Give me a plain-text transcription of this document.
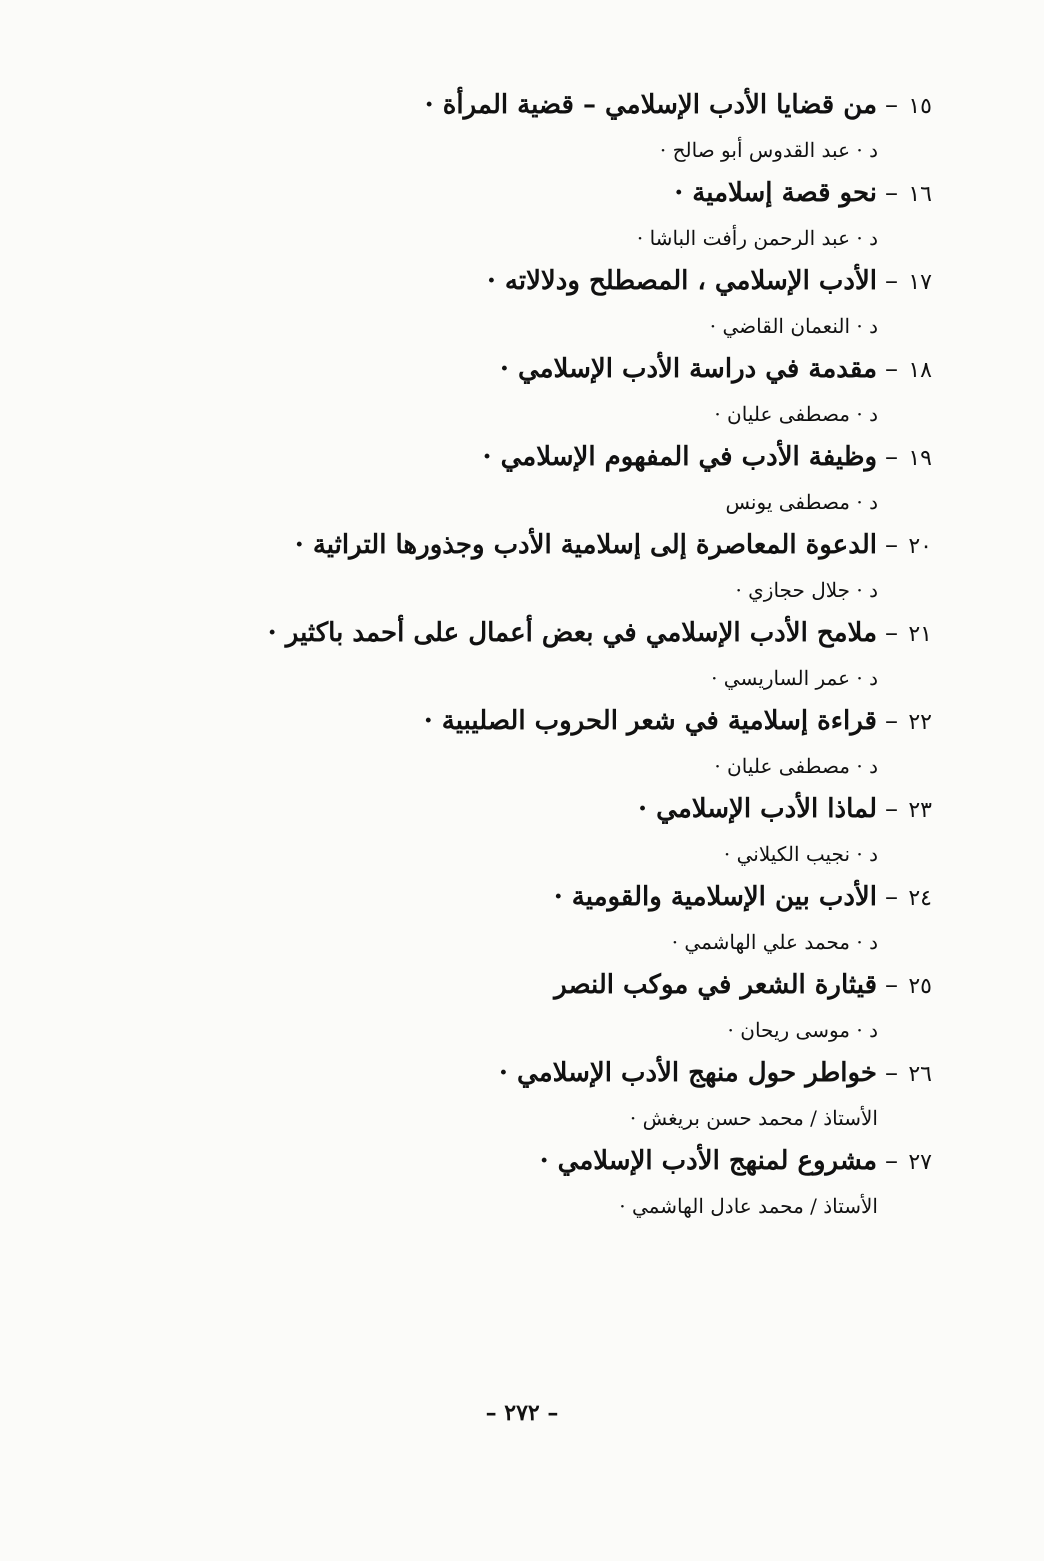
١٥–من قضايا الأدب الإسلامي – قضية المرأة ·
د · عبد القدوس أبو صالح ·
١٦–نحو قصة إسلامية ·
د · عبد الرحمن رأفت الباشا ·
١٧–الأدب الإسلامي ، المصطلح ودلالاته ·
د · النعمان القاضي ·
١٨–مقدمة في دراسة الأدب الإسلامي ·
د · مصطفى عليان ·
١٩–وظيفة الأدب في المفهوم الإسلامي ·
د · مصطفى يونس
٢٠–الدعوة المعاصرة إلى إسلامية الأدب وجذورها التراثية ·
د · جلال حجازي ·
٢١–ملامح الأدب الإسلامي في بعض أعمال على أحمد باكثير ·
د · عمر الساريسي ·
٢٢–قراءة إسلامية في شعر الحروب الصليبية ·
د · مصطفى عليان ·
٢٣–لماذا الأدب الإسلامي ·
د · نجيب الكيلاني ·
٢٤–الأدب بين الإسلامية والقومية ·
د · محمد علي الهاشمي ·
٢٥–قيثارة الشعر في موكب النصر
د · موسى ريحان ·
٢٦–خواطر حول منهج الأدب الإسلامي ·
الأستاذ / محمد حسن بريغش ·
٢٧–مشروع لمنهج الأدب الإسلامي ·
الأستاذ / محمد عادل الهاشمي ·
– ٢٧٢ –
